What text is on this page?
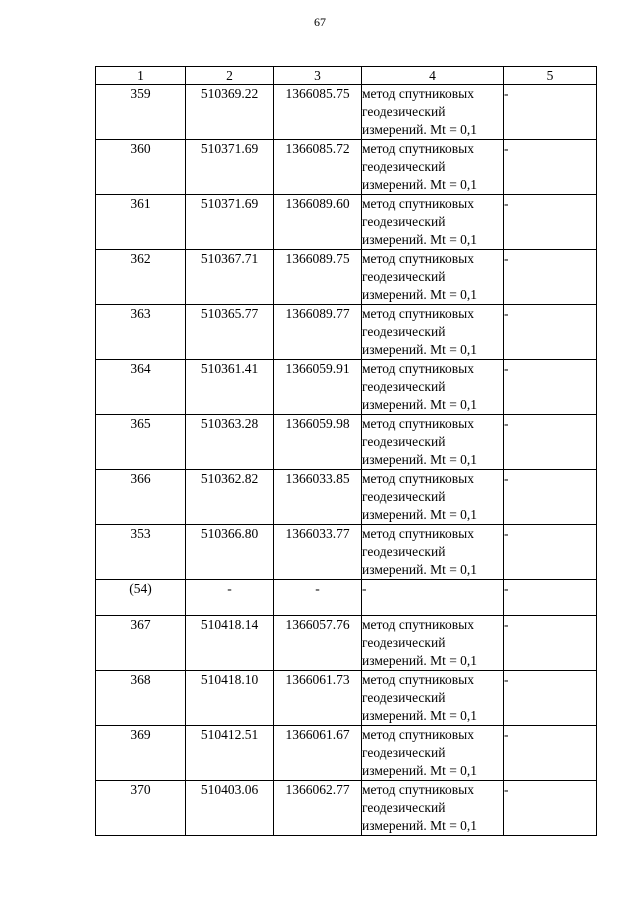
67
1	2	3	4	5
359	510369.22	1366085.75	метод спутниковых
геодезический
измерений. Mt = 0,1	-
360	510371.69	1366085.72	метод спутниковых
геодезический
измерений. Mt = 0,1	-
361	510371.69	1366089.60	метод спутниковых
геодезический
измерений. Mt = 0,1	-
362	510367.71	1366089.75	метод спутниковых
геодезический
измерений. Mt = 0,1	-
363	510365.77	1366089.77	метод спутниковых
геодезический
измерений. Mt = 0,1	-
364	510361.41	1366059.91	метод спутниковых
геодезический
измерений. Mt = 0,1	-
365	510363.28	1366059.98	метод спутниковых
геодезический
измерений. Mt = 0,1	-
366	510362.82	1366033.85	метод спутниковых
геодезический
измерений. Mt = 0,1	-
353	510366.80	1366033.77	метод спутниковых
геодезический
измерений. Mt = 0,1	-
(54)	-	-	-	-
367	510418.14	1366057.76	метод спутниковых
геодезический
измерений. Mt = 0,1	-
368	510418.10	1366061.73	метод спутниковых
геодезический
измерений. Mt = 0,1	-
369	510412.51	1366061.67	метод спутниковых
геодезический
измерений. Mt = 0,1	-
370	510403.06	1366062.77	метод спутниковых
геодезический
измерений. Mt = 0,1	-
